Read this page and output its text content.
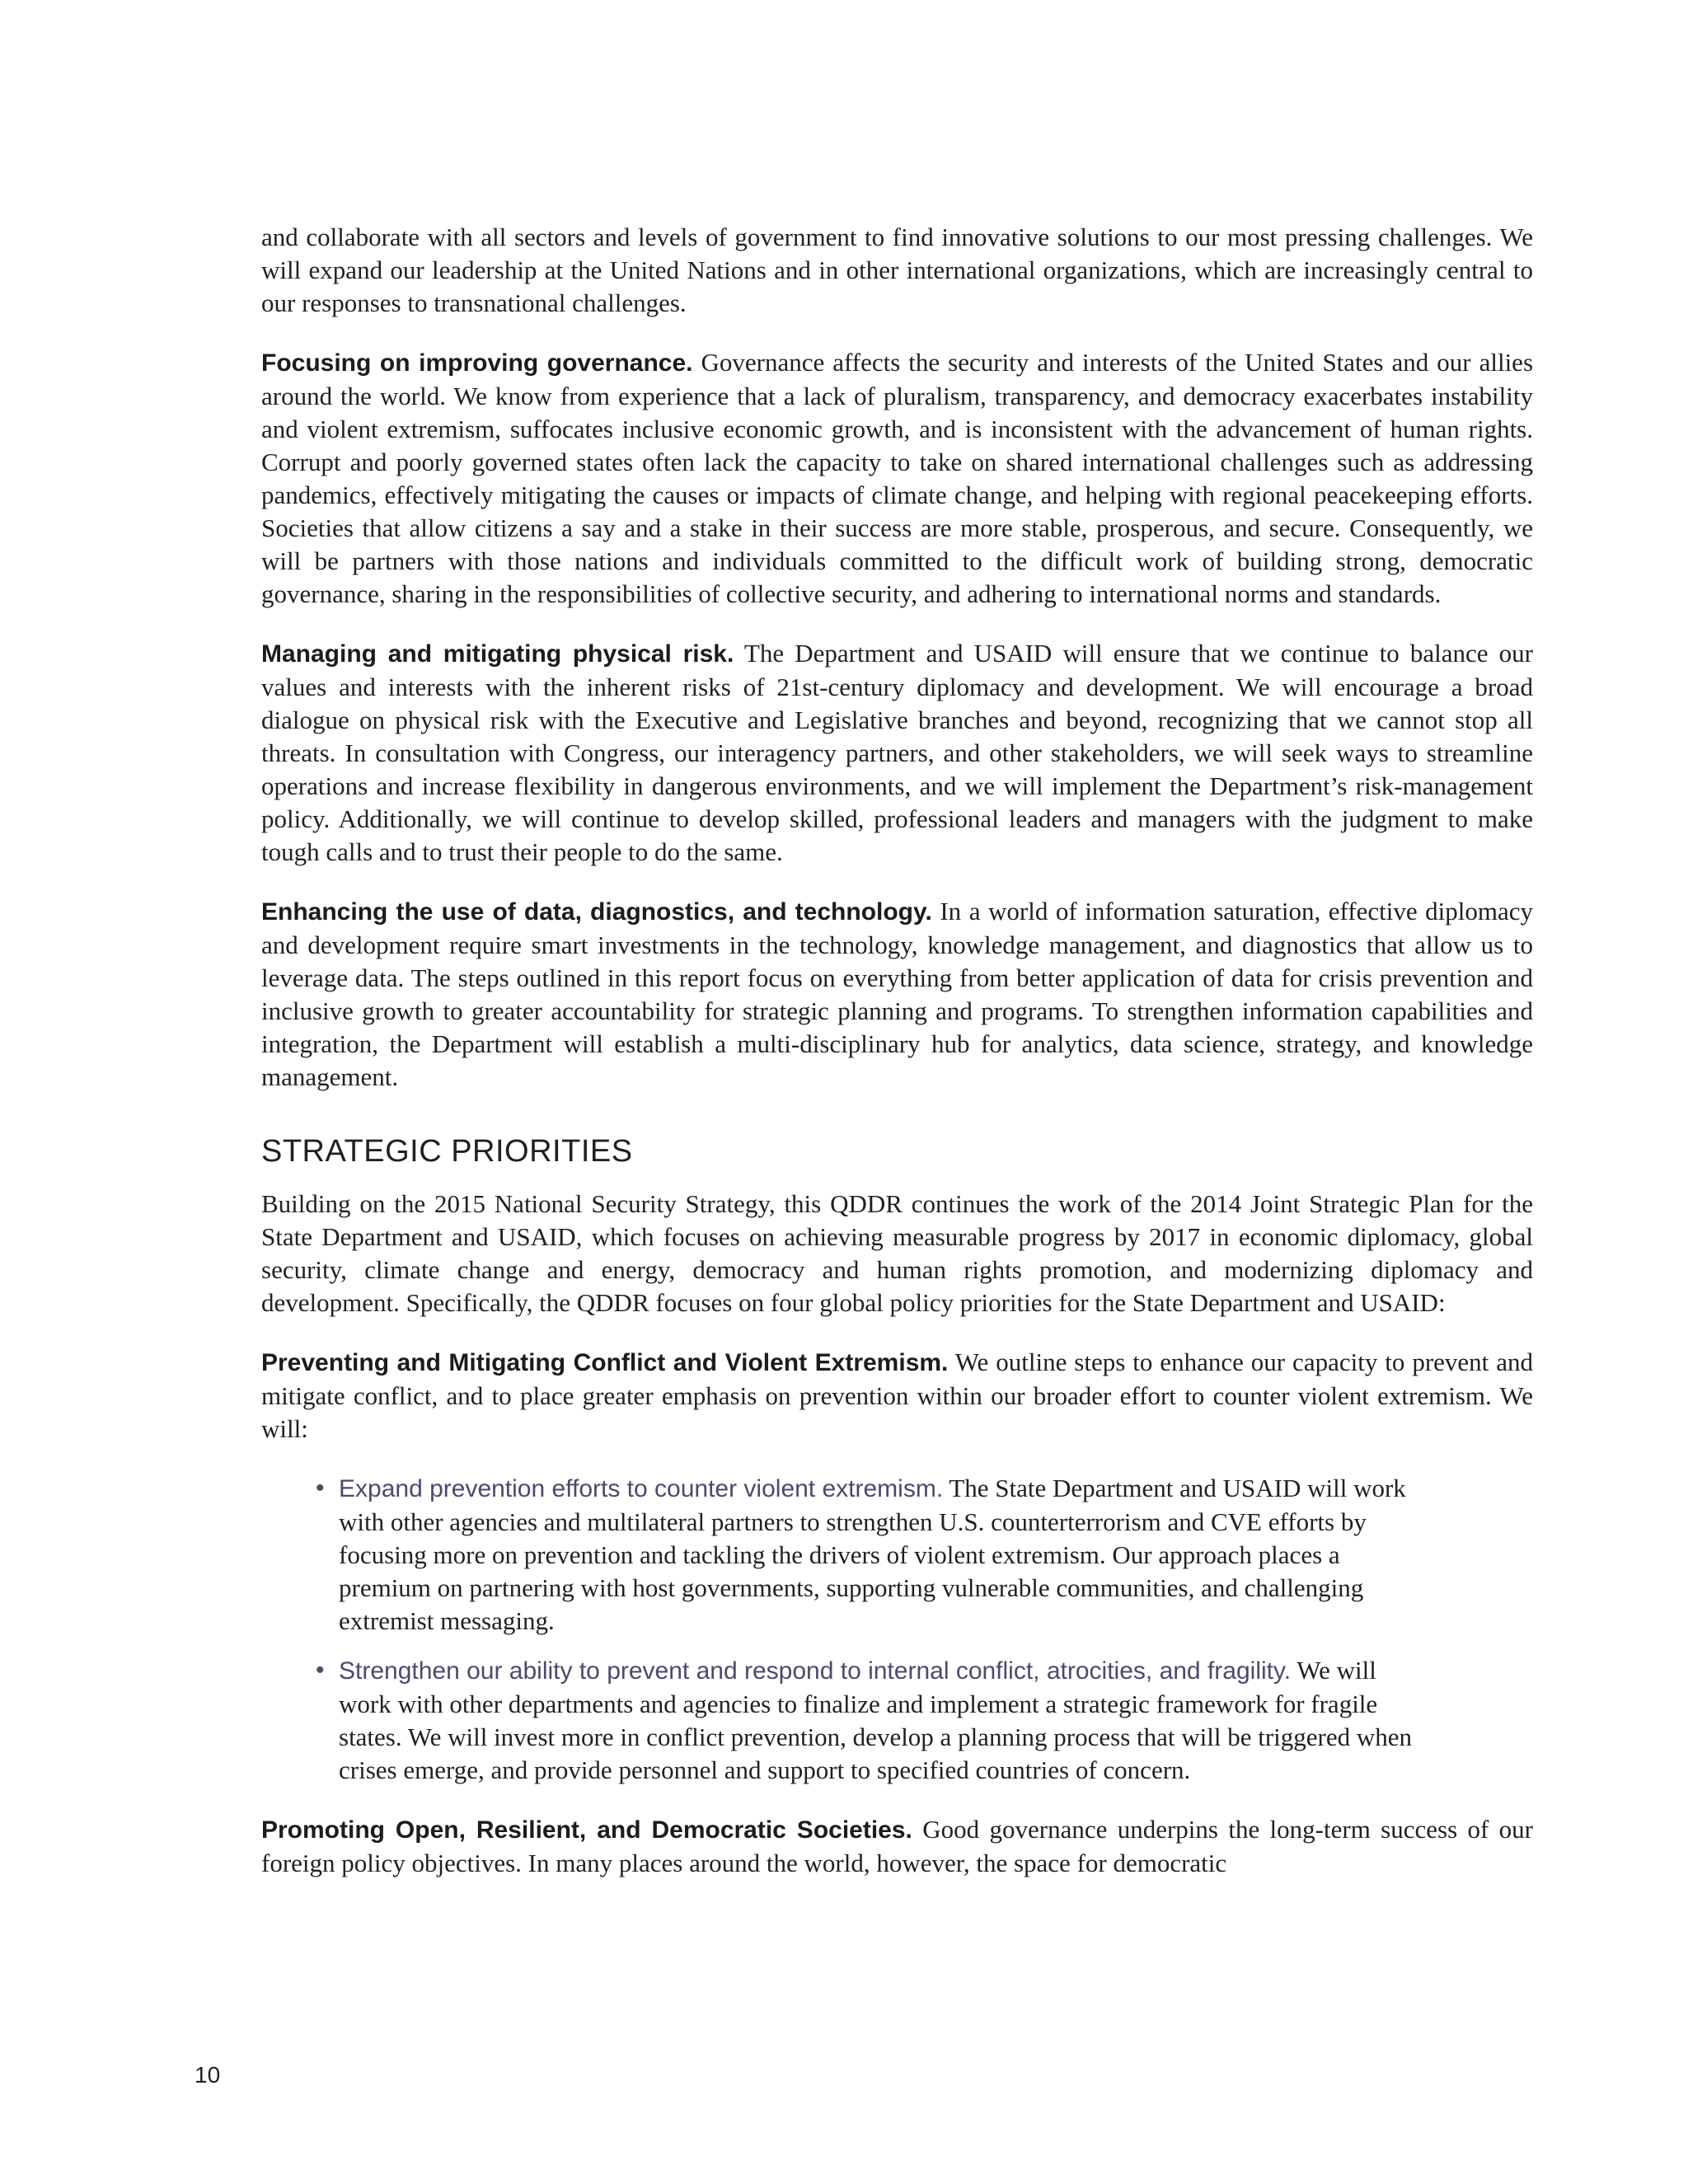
and collaborate with all sectors and levels of government to find innovative solutions to our most pressing challenges. We will expand our leadership at the United Nations and in other international organizations, which are increasingly central to our responses to transnational challenges.

Focusing on improving governance. Governance affects the security and interests of the United States and our allies around the world. We know from experience that a lack of pluralism, transparency, and democracy exacerbates instability and violent extremism, suffocates inclusive economic growth, and is inconsistent with the advancement of human rights. Corrupt and poorly governed states often lack the capacity to take on shared international challenges such as addressing pandemics, effectively mitigating the causes or impacts of climate change, and helping with regional peacekeeping efforts. Societies that allow citizens a say and a stake in their success are more stable, prosperous, and secure. Consequently, we will be partners with those nations and individuals committed to the difficult work of building strong, democratic governance, sharing in the responsibilities of collective security, and adhering to international norms and standards.

Managing and mitigating physical risk. The Department and USAID will ensure that we continue to balance our values and interests with the inherent risks of 21st-century diplomacy and development. We will encourage a broad dialogue on physical risk with the Executive and Legislative branches and beyond, recognizing that we cannot stop all threats. In consultation with Congress, our interagency partners, and other stakeholders, we will seek ways to streamline operations and increase flexibility in dangerous environments, and we will implement the Department’s risk-management policy. Additionally, we will continue to develop skilled, professional leaders and managers with the judgment to make tough calls and to trust their people to do the same.

Enhancing the use of data, diagnostics, and technology. In a world of information saturation, effective diplomacy and development require smart investments in the technology, knowledge management, and diagnostics that allow us to leverage data. The steps outlined in this report focus on everything from better application of data for crisis prevention and inclusive growth to greater accountability for strategic planning and programs. To strengthen information capabilities and integration, the Department will establish a multi-disciplinary hub for analytics, data science, strategy, and knowledge management.

STRATEGIC PRIORITIES

Building on the 2015 National Security Strategy, this QDDR continues the work of the 2014 Joint Strategic Plan for the State Department and USAID, which focuses on achieving measurable progress by 2017 in economic diplomacy, global security, climate change and energy, democracy and human rights promotion, and modernizing diplomacy and development. Specifically, the QDDR focuses on four global policy priorities for the State Department and USAID:

Preventing and Mitigating Conflict and Violent Extremism. We outline steps to enhance our capacity to prevent and mitigate conflict, and to place greater emphasis on prevention within our broader effort to counter violent extremism. We will:

• Expand prevention efforts to counter violent extremism. The State Department and USAID will work with other agencies and multilateral partners to strengthen U.S. counterterrorism and CVE efforts by focusing more on prevention and tackling the drivers of violent extremism. Our approach places a premium on partnering with host governments, supporting vulnerable communities, and challenging extremist messaging.
• Strengthen our ability to prevent and respond to internal conflict, atrocities, and fragility. We will work with other departments and agencies to finalize and implement a strategic framework for fragile states. We will invest more in conflict prevention, develop a planning process that will be triggered when crises emerge, and provide personnel and support to specified countries of concern.

Promoting Open, Resilient, and Democratic Societies. Good governance underpins the long-term success of our foreign policy objectives. In many places around the world, however, the space for democratic

10
